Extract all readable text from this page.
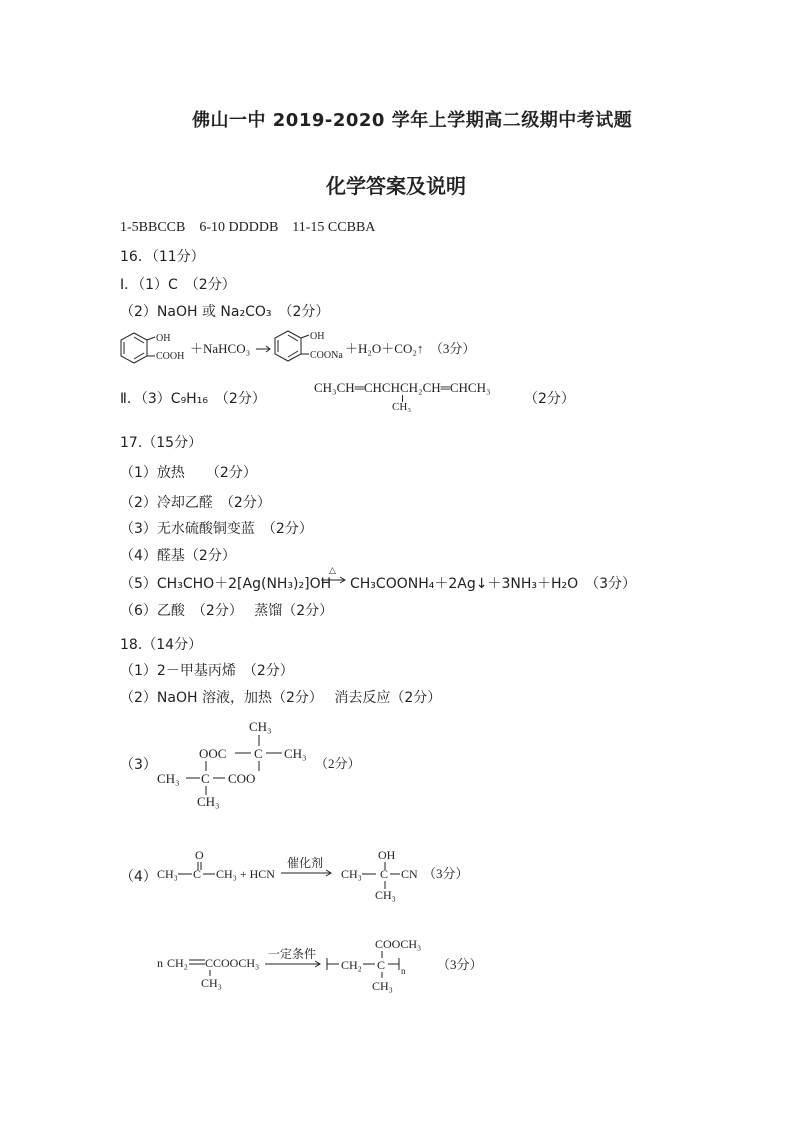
佛山一中 2019-2020 学年上学期高二级期中考试题
化学答案及说明
1-5BBCCB    6-10 DDDDB    11-15 CCBBA
16．（11分）
Ⅰ．（1）C　（2分）
（2）NaOH 或 Na₂CO₃　（2分）
OH
COOH
＋NaHCO₃
OH
COONa ＋H₂O＋CO₂↑　（3分）
Ⅱ．（3）C₉H₁₆　（2分）
CH₃CH═CHCHCH₂CH═CHCH₃
CH₃	（2分）
17.（15分）
（1）放热　　（2分）
（2）冷却乙醛　（2分）
（3）无水硫酸铜变蓝　（2分）
（4）醛基（2分）
（5）CH₃CHO＋2[Ag(NH₃)₂]OH
△
CH₃COONH₄＋2Ag↓＋3NH₃＋H₂O　（3分）
（6）乙酸　（2分）　 蒸馏（2分）
18.（14分）
（1）2－甲基丙烯　（2分）
（2）NaOH 溶液，加热（2分）　 消去反应（2分）
（3）
CH₃
OOC C CH₃
CH₃ C COO
CH₃
（2分）
（4）
O
CH₃ C CH₃ + HCN
催化剂
OH
CH₃ C CN
CH₃
（3分）
n CH₂ CCOOCH₃
CH₃
一定条件
COOCH₃
CH₂ C n
CH₃
（3分）
